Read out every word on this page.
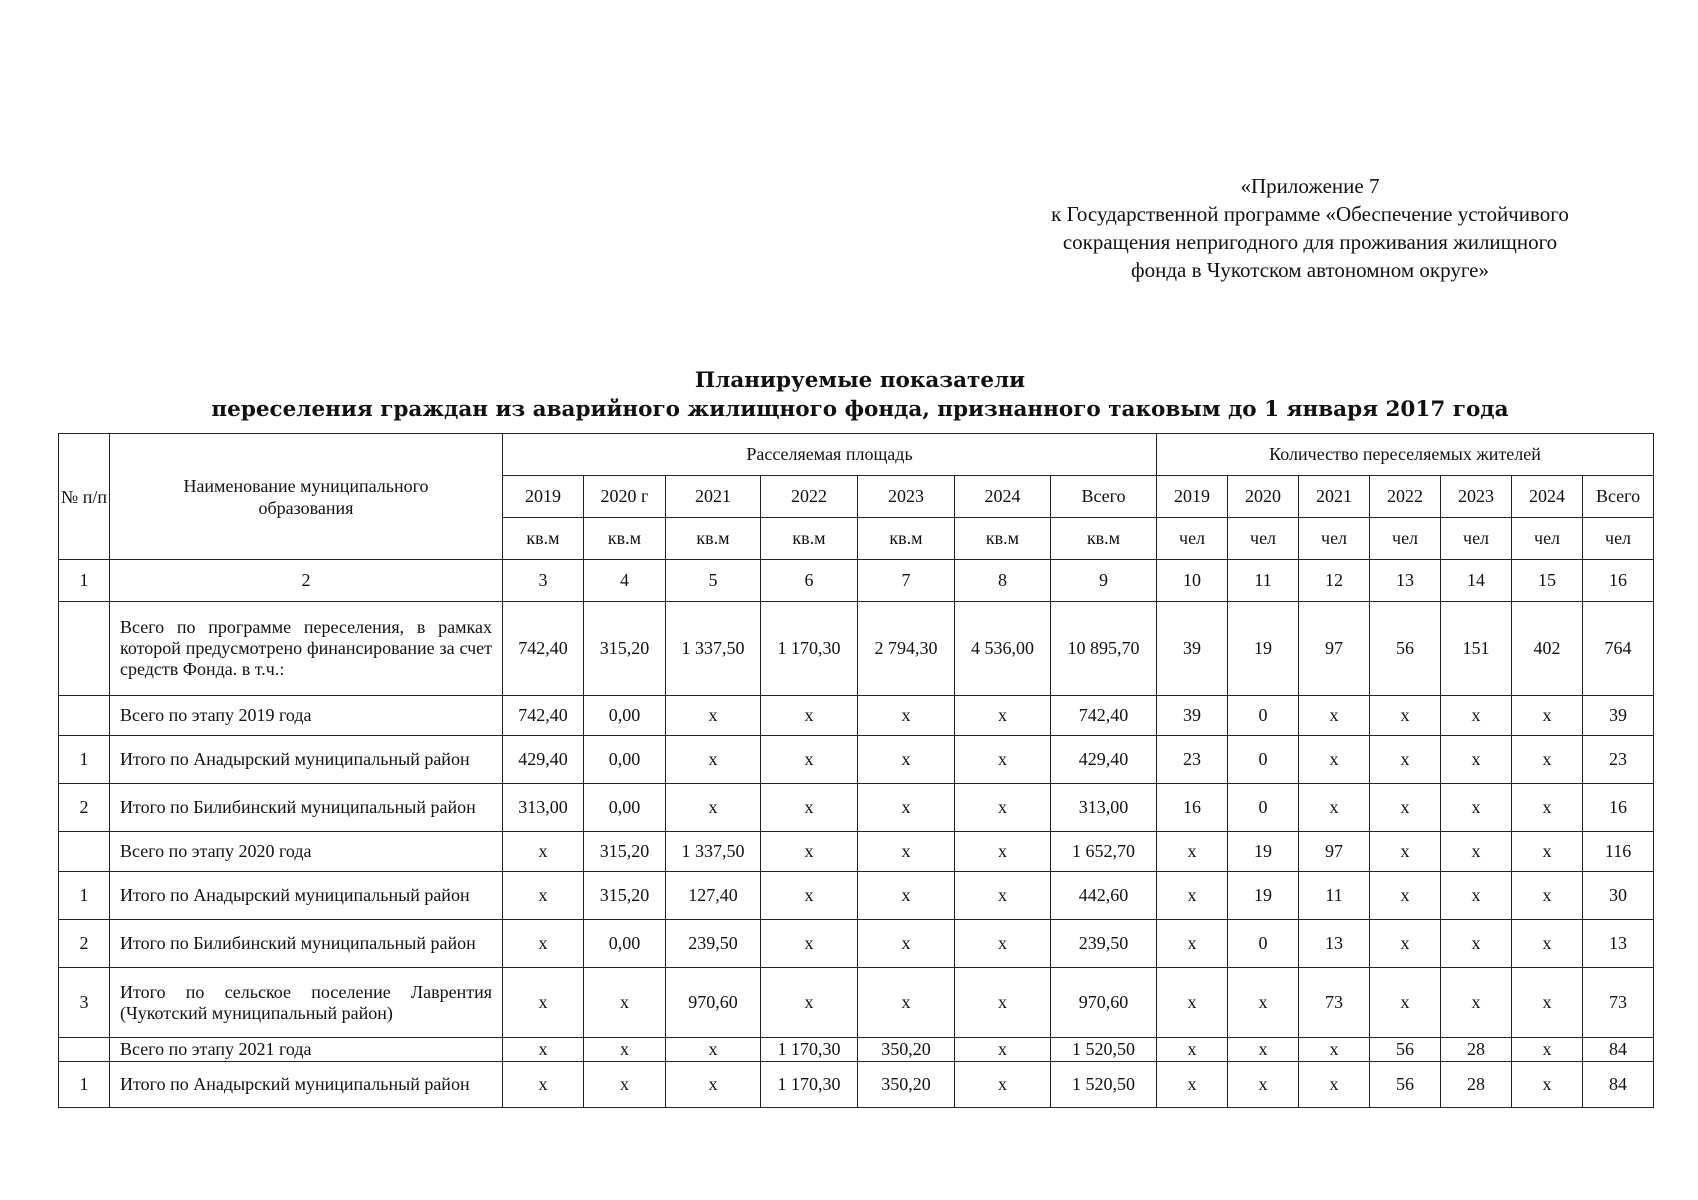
«Приложение 7
к Государственной программе «Обеспечение устойчивого
сокращения непригодного для проживания жилищного
фонда в Чукотском автономном округе»
Планируемые показатели
переселения граждан из аварийного жилищного фонда, признанного таковым до 1 января 2017 года
№ п/п	Наименование муниципального образования	Расселяемая площадь							Количество переселяемых жителей						
		2019	2020 г	2021	2022	2023	2024	Всего	2019	2020	2021	2022	2023	2024	Всего
		кв.м	кв.м	кв.м	кв.м	кв.м	кв.м	кв.м	чел	чел	чел	чел	чел	чел	чел
1	2	3	4	5	6	7	8	9	10	11	12	13	14	15	16
	Всего по программе переселения, в рамках которой предусмотрено финансирование за счет средств Фонда. в т.ч.:	742,40	315,20	1 337,50	1 170,30	2 794,30	4 536,00	10 895,70	39	19	97	56	151	402	764
	Всего по этапу 2019 года	742,40	0,00	х	х	х	х	742,40	39	0	х	х	х	х	39
1	Итого по Анадырский муниципальный район	429,40	0,00	х	х	х	х	429,40	23	0	х	х	х	х	23
2	Итого по Билибинский муниципальный район	313,00	0,00	х	х	х	х	313,00	16	0	х	х	х	х	16
	Всего по этапу 2020 года	х	315,20	1 337,50	х	х	х	1 652,70	х	19	97	х	х	х	116
1	Итого по Анадырский муниципальный район	х	315,20	127,40	х	х	х	442,60	х	19	11	х	х	х	30
2	Итого по Билибинский муниципальный район	х	0,00	239,50	х	х	х	239,50	х	0	13	х	х	х	13
3	Итого по сельское поселение Лаврентия (Чукотский муниципальный район)	х	х	970,60	х	х	х	970,60	х	х	73	х	х	х	73
	Всего по этапу 2021 года	х	х	х	1 170,30	350,20	х	1 520,50	х	х	х	56	28	х	84
1	Итого по Анадырский муниципальный район	х	х	х	1 170,30	350,20	х	1 520,50	х	х	х	56	28	х	84
